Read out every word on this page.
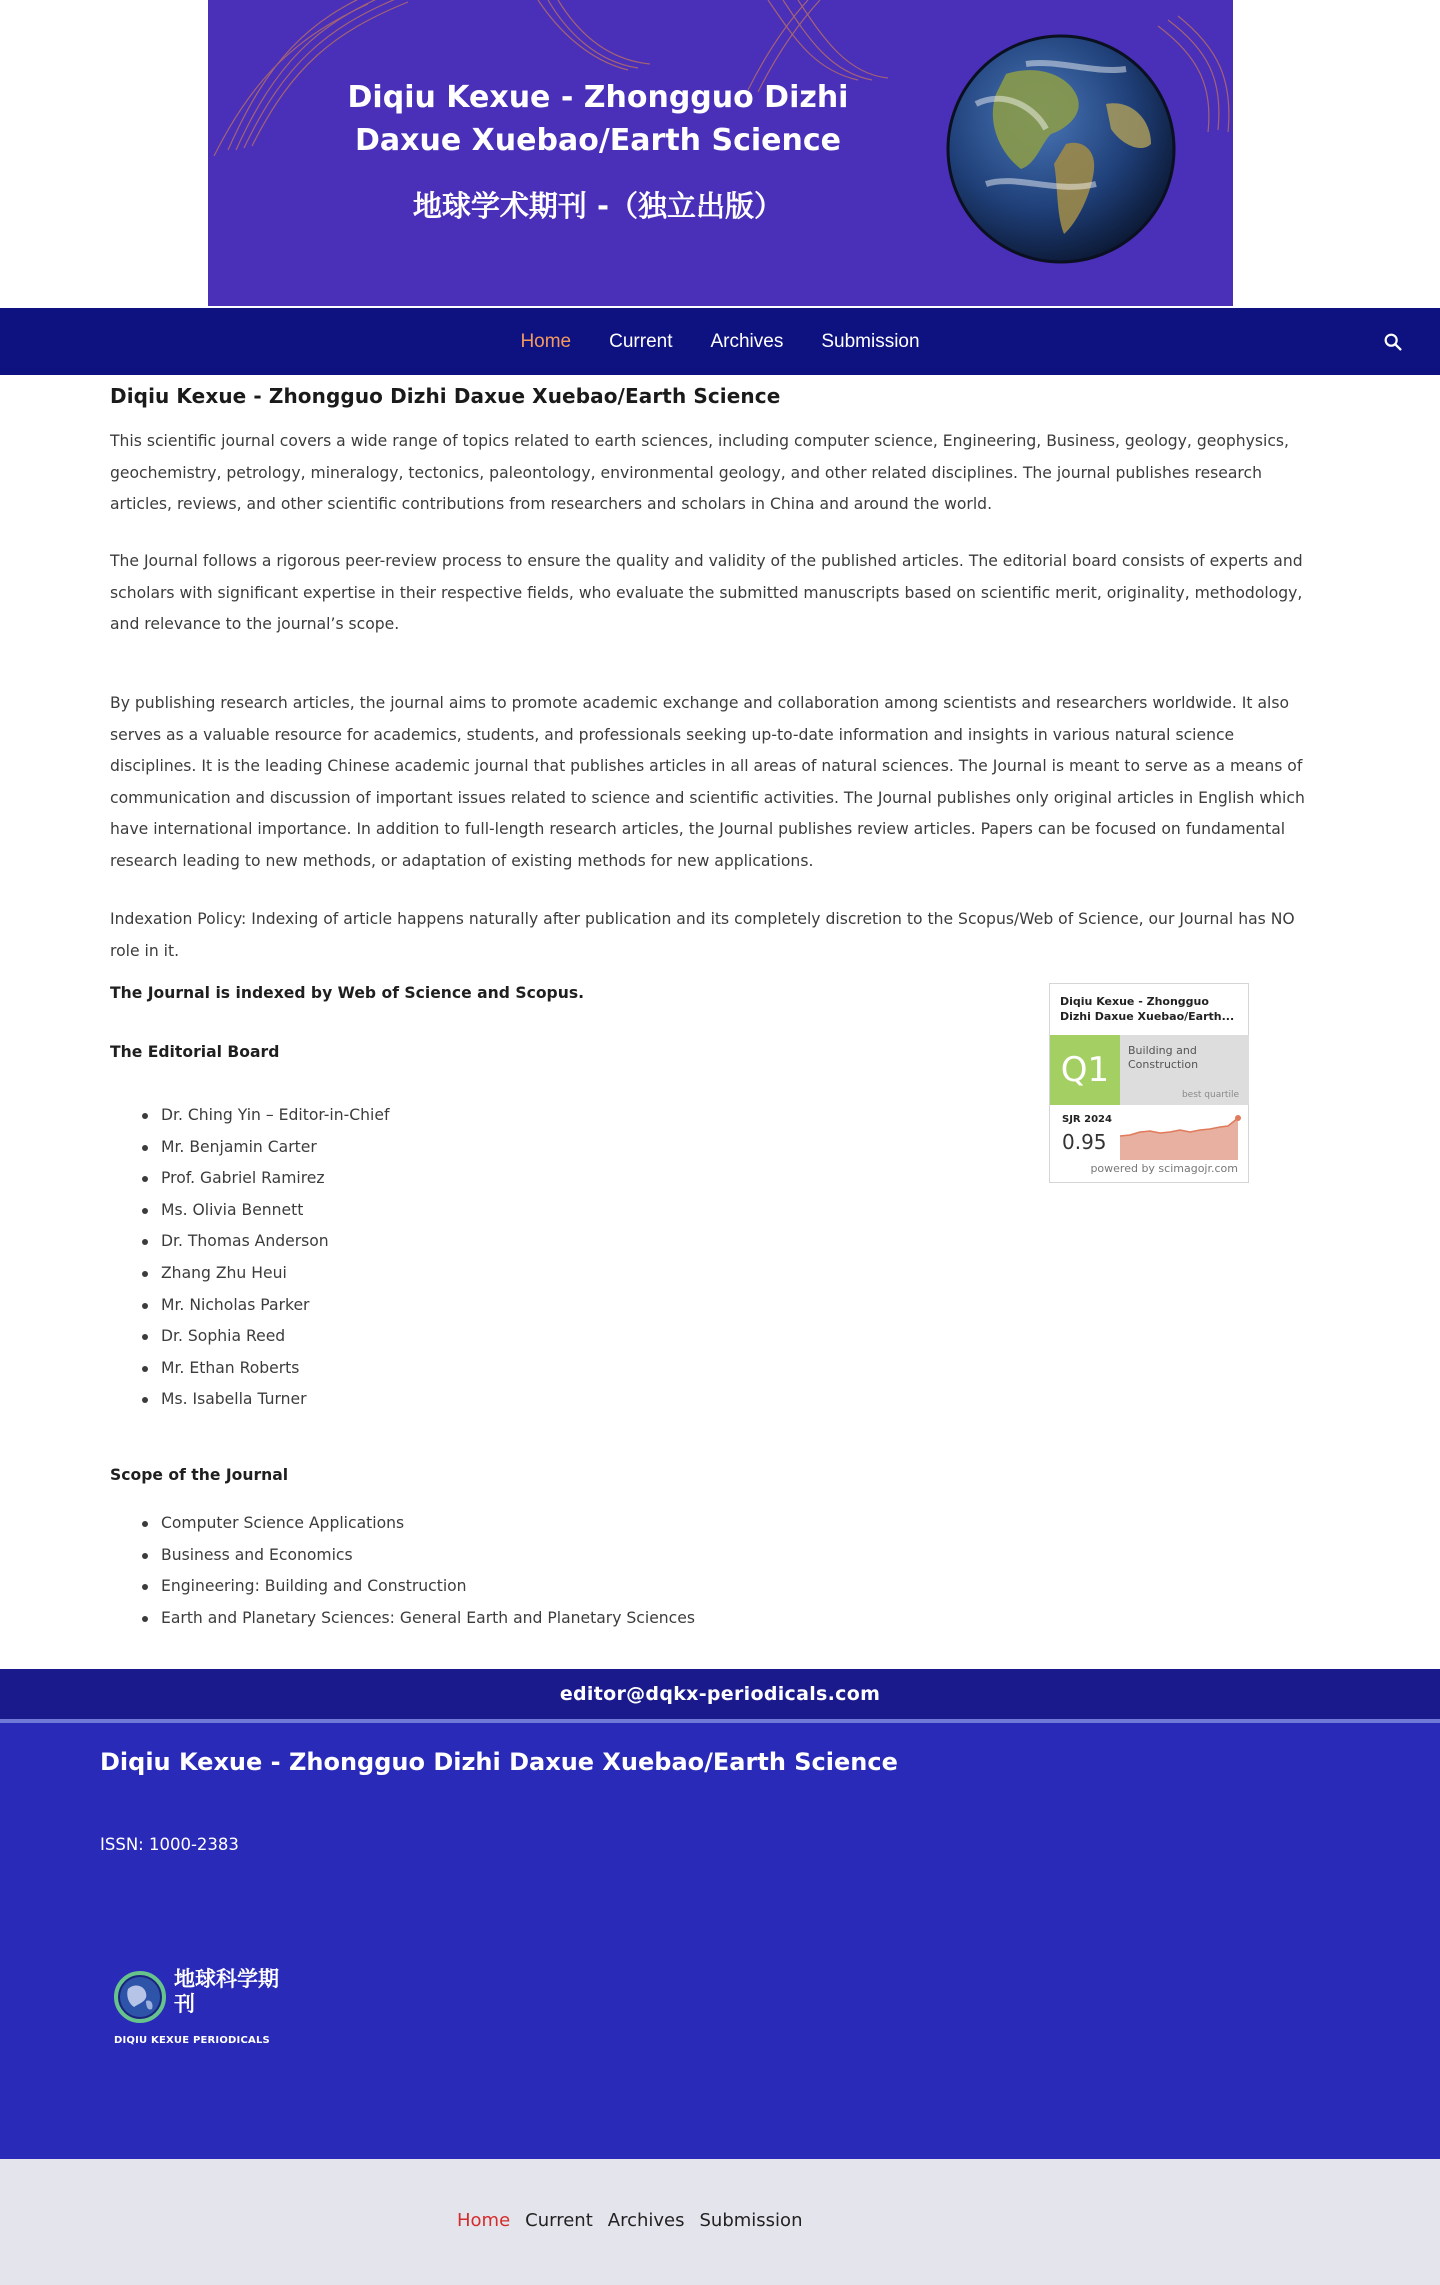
Diqiu Kexue - Zhongguo Dizhi Daxue Xuebao/Earth Science
地球学术期刊 -（独立出版）
Home	Current	Archives	Submission
Diqiu Kexue - Zhongguo Dizhi Daxue Xuebao/Earth Science

This scientific journal covers a wide range of topics related to earth sciences, including computer science, Engineering, Business, geology, geophysics, geochemistry, petrology, mineralogy, tectonics, paleontology, environmental geology, and other related disciplines. The journal publishes research articles, reviews, and other scientific contributions from researchers and scholars in China and around the world.

The Journal follows a rigorous peer-review process to ensure the quality and validity of the published articles. The editorial board consists of experts and scholars with significant expertise in their respective fields, who evaluate the submitted manuscripts based on scientific merit, originality, methodology, and relevance to the journal’s scope.

By publishing research articles, the journal aims to promote academic exchange and collaboration among scientists and researchers worldwide. It also serves as a valuable resource for academics, students, and professionals seeking up-to-date information and insights in various natural science disciplines. It is the leading Chinese academic journal that publishes articles in all areas of natural sciences. The Journal is meant to serve as a means of communication and discussion of important issues related to science and scientific activities. The Journal publishes only original articles in English which have international importance. In addition to full-length research articles, the Journal publishes review articles. Papers can be focused on fundamental research leading to new methods, or adaptation of existing methods for new applications.

Indexation Policy: Indexing of article happens naturally after publication and its completely discretion to the Scopus/Web of Science, our Journal has NO role in it.

The Journal is indexed by Web of Science and Scopus.
The Editorial Board
Dr. Ching Yin – Editor-in-Chief
Mr. Benjamin Carter
Prof. Gabriel Ramirez
Ms. Olivia Bennett
Dr. Thomas Anderson
Zhang Zhu Heui
Mr. Nicholas Parker
Dr. Sophia Reed
Mr. Ethan Roberts
Ms. Isabella Turner
Scope of the Journal
Computer Science Applications
Business and Economics
Engineering: Building and Construction
Earth and Planetary Sciences: General Earth and Planetary Sciences
Diqiu Kexue - Zhongguo Dizhi Daxue Xuebao/Earth...
Q1	Building and Construction
best quartile
SJR 2024
0.95
powered by scimagojr.com
editor@dqkx-periodicals.com
Diqiu Kexue - Zhongguo Dizhi Daxue Xuebao/Earth Science
ISSN: 1000-2383
地球科学期刊
DIQIU KEXUE PERIODICALS
Home Current Archives Submission
